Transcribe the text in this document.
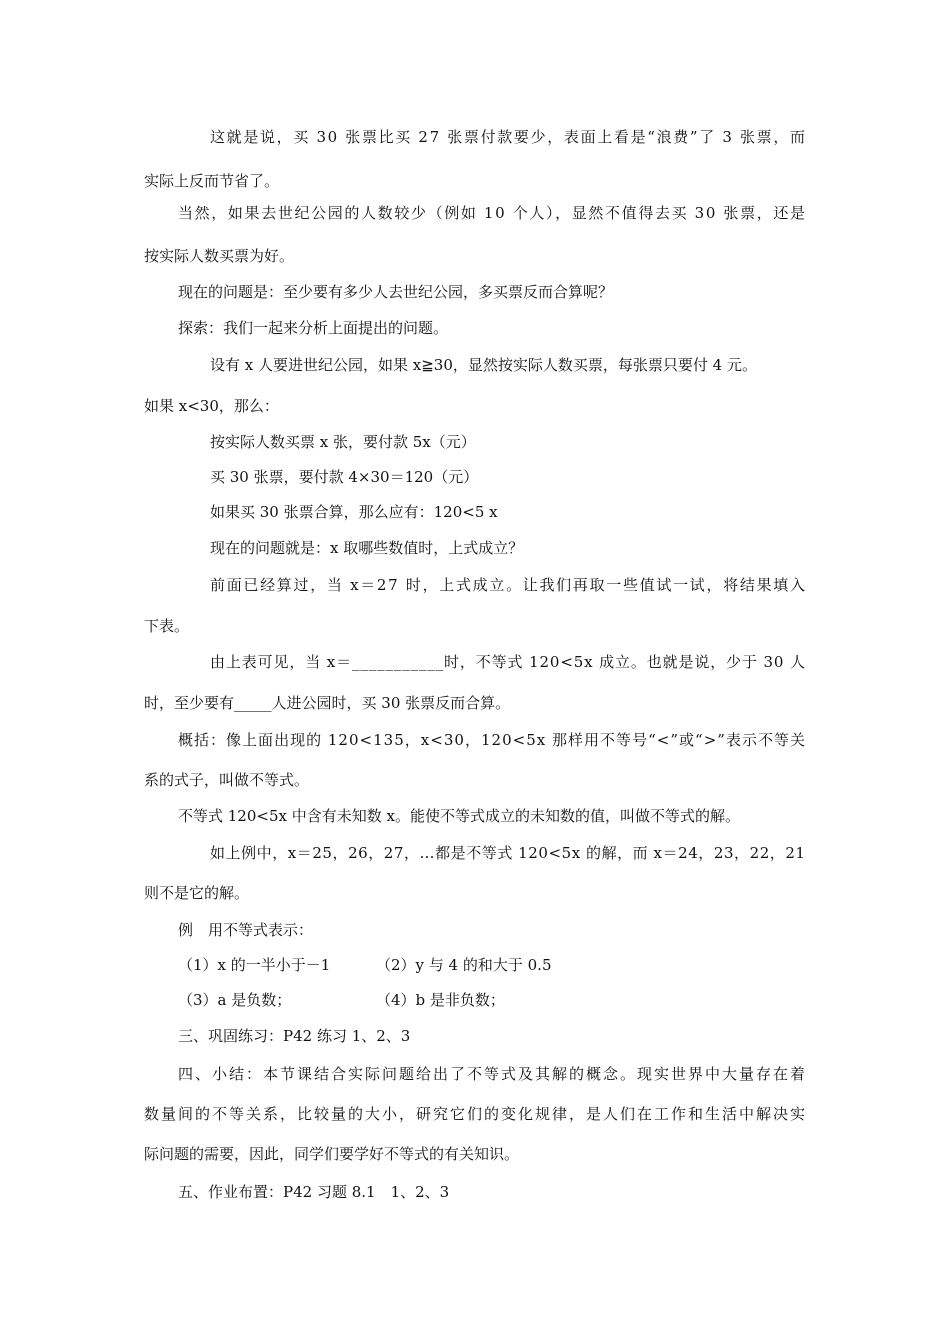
这就是说，买 30 张票比买 27 张票付款要少，表面上看是“浪费”了 3 张票，而
实际上反而节省了。
当然，如果去世纪公园的人数较少（例如 10 个人），显然不值得去买 30 张票，还是
按实际人数买票为好。
现在的问题是：至少要有多少人去世纪公园，多买票反而合算呢？
探索：我们一起来分析上面提出的问题。
设有 x 人要进世纪公园，如果 x≧30，显然按实际人数买票，每张票只要付 4 元。
如果 x<30，那么：
按实际人数买票 x 张，要付款 5x（元）
买 30 张票，要付款 4×30＝120（元）
如果买 30 张票合算，那么应有：120<5 x
现在的问题就是：x 取哪些数值时，上式成立？
前面已经算过，当 x＝27 时，上式成立。让我们再取一些值试一试，将结果填入
下表。
由上表可见，当 x＝___________时，不等式 120<5x 成立。也就是说，少于 30 人
时，至少要有_____人进公园时，买 30 张票反而合算。
概括：像上面出现的 120<135，x<30，120<5x 那样用不等号“<”或“>”表示不等关
系的式子，叫做不等式。
不等式 120<5x 中含有未知数 x。能使不等式成立的未知数的值，叫做不等式的解。
如上例中，x＝25，26，27，…都是不等式 120<5x 的解，而 x＝24，23，22，21
则不是它的解。
例　用不等式表示：
（1）x 的一半小于－1	（2）y 与 4 的和大于 0.5
（3）a 是负数；	（4）b 是非负数；
三、巩固练习：P42 练习 1、2、3
四、小结：本节课结合实际问题给出了不等式及其解的概念。现实世界中大量存在着
数量间的不等关系，比较量的大小，研究它们的变化规律，是人们在工作和生活中解决实
际问题的需要，因此，同学们要学好不等式的有关知识。
五、作业布置：P42 习题 8.1　1、2、3
